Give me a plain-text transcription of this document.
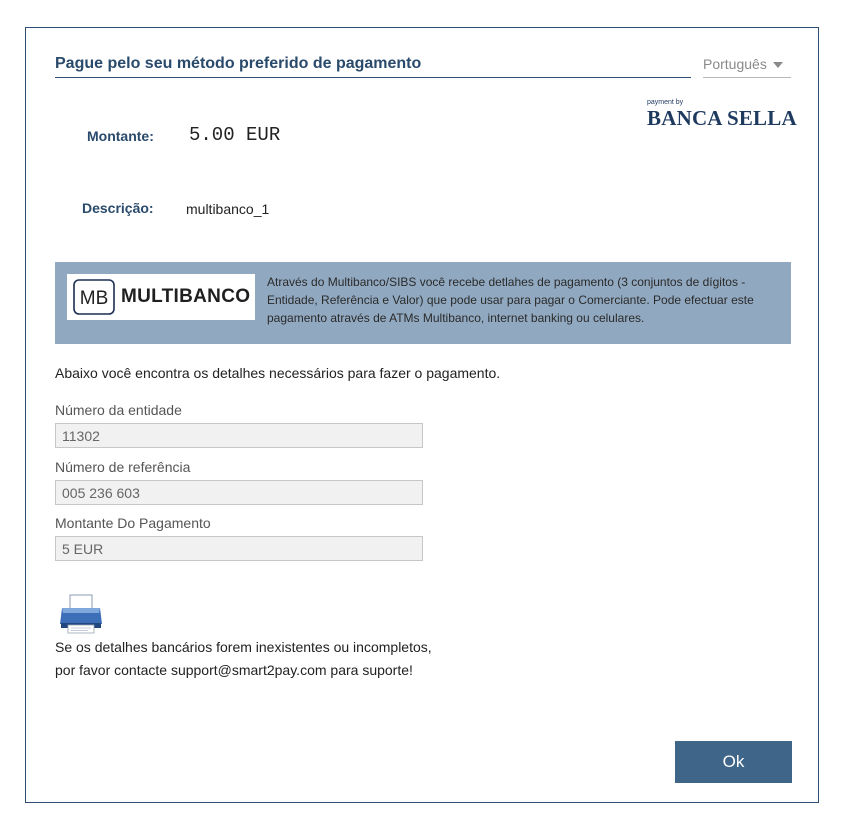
Pague pelo seu método preferido de pagamento	Português
payment by
BANCA SELLA
Montante: 5.00 EUR
Descrição: multibanco_1
MB MULTIBANCO
Através do Multibanco/SIBS você recebe detlahes de pagamento (3 conjuntos de dígitos - Entidade, Referência e Valor) que pode usar para pagar o Comerciante. Pode efectuar este pagamento através de ATMs Multibanco, internet banking ou celulares.
Abaixo você encontra os detalhes necessários para fazer o pagamento.
Número da entidade
11302
Número de referência
005 236 603
Montante Do Pagamento
5 EUR
Se os detalhes bancários forem inexistentes ou incompletos, por favor contacte support@smart2pay.com para suporte!
Ok
